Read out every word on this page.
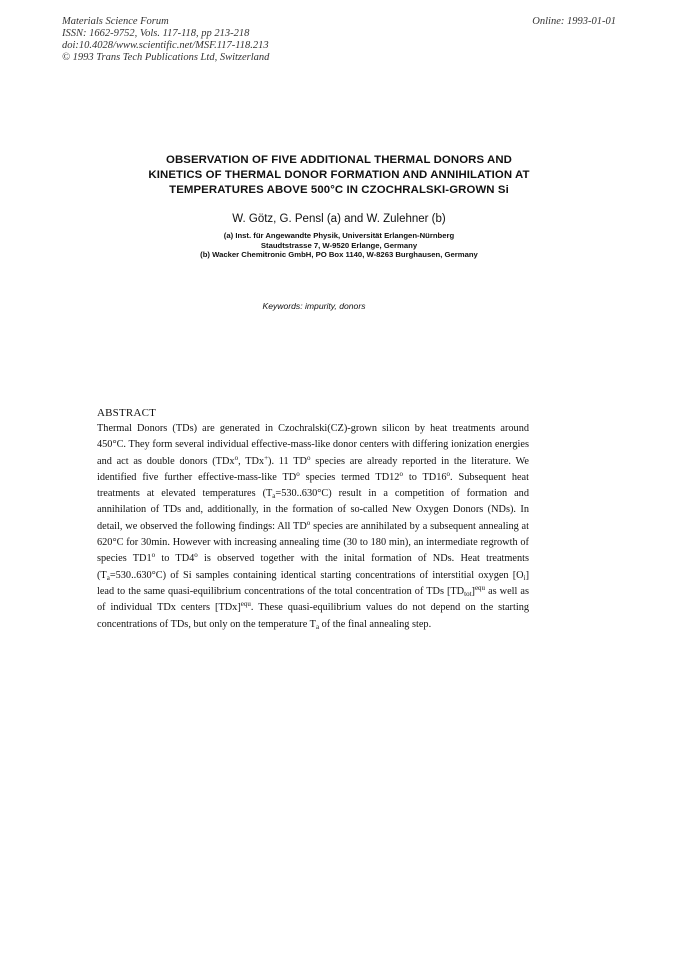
Materials Science Forum
ISSN: 1662-9752, Vols. 117-118, pp 213-218
doi:10.4028/www.scientific.net/MSF.117-118.213
© 1993 Trans Tech Publications Ltd, Switzerland
Online: 1993-01-01
OBSERVATION OF FIVE ADDITIONAL THERMAL DONORS AND
KINETICS OF THERMAL DONOR FORMATION AND ANNIHILATION AT
TEMPERATURES ABOVE 500°C IN CZOCHRALSKI-GROWN Si
W. Götz, G. Pensl (a) and W. Zulehner (b)
(a) Inst. für Angewandte Physik, Universität Erlangen-Nürnberg
Staudtstrasse 7, W-9520 Erlange, Germany
(b) Wacker Chemitronic GmbH, PO Box 1140, W-8263 Burghausen, Germany
Keywords: impurity, donors
ABSTRACT

Thermal Donors (TDs) are generated in Czochralski(CZ)-grown silicon by heat treatments around 450°C. They form several individual effective-mass-like donor centers with differing ionization energies and act as double donors (TDx$^o$, TDx+). 11 $TD^o$ species are already reported in the literature. We identified five further effective-mass-like $TD^o$ species termed TD12$^o$ to TD16$^o$. Subsequent heat treatments at elevated temperatures $(T_a=530..630^\circ C)$ result in a competition of formation and annihilation of TDs and, additionally, in the formation of so-called New Oxygen Donors (NDs). In detail, we observed the following findings: All $TD^o$ species are annihilated by a subsequent annealing at 620°C for 30min. However with increasing annealing time (30 to 180 min), an intermediate regrowth of species TD1$^o$ to TD4$^o$ is observed together with the inital formation of NDs. Heat treatments $(T_a=530..630^\circ C)$ of Si samples containing identical starting concentrations of interstitial oxygen $[O_i]$ lead to the same quasi-equilibrium concentrations of the total concentration of TDs $[TD_{tot}]^{equ}$ as well as of individual TDx centers [TDx]$^{equ}$. These quasi-equilibrium values do not depend on the starting concentrations of TDs, but only on the temperature $T_a$ of the final annealing step.
